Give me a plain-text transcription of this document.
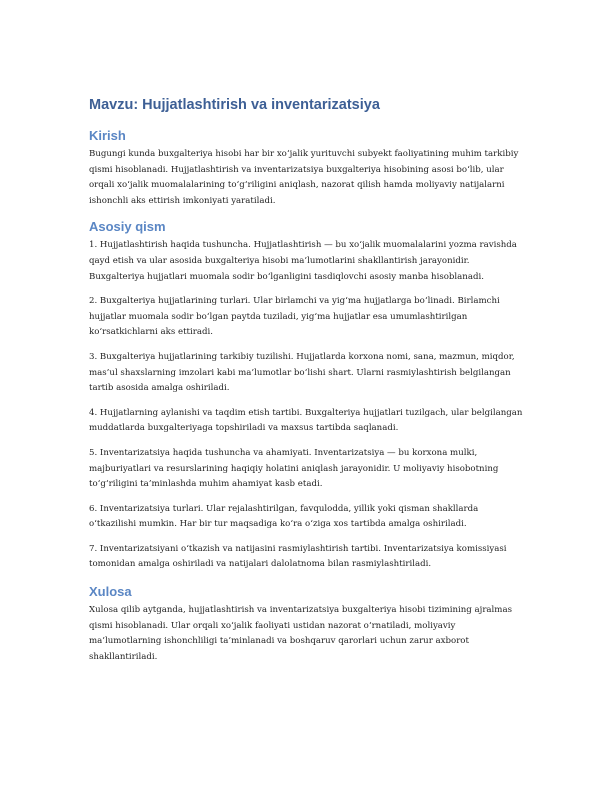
Mavzu: Hujjatlashtirish va inventarizatsiya
Kirish

Bugungi kunda buxgalteriya hisobi har bir xo‘jalik yurituvchi subyekt faoliyatining muhim tarkibiy qismi hisoblanadi. Hujjatlashtirish va inventarizatsiya buxgalteriya hisobining asosi bo‘lib, ular orqali xo‘jalik muomalalarining to‘g‘riligini aniqlash, nazorat qilish hamda moliyaviy natijalarni ishonchli aks ettirish imkoniyati yaratiladi.

Asosiy qism

1. Hujjatlashtirish haqida tushuncha. Hujjatlashtirish — bu xo‘jalik muomalalarini yozma ravishda qayd etish va ular asosida buxgalteriya hisobi ma’lumotlarini shakllantirish jarayonidir. Buxgalteriya hujjatlari muomala sodir bo‘lganligini tasdiqlovchi asosiy manba hisoblanadi.

2. Buxgalteriya hujjatlarining turlari. Ular birlamchi va yig‘ma hujjatlarga bo‘linadi. Birlamchi hujjatlar muomala sodir bo‘lgan paytda tuziladi, yig‘ma hujjatlar esa umumlashtirilgan ko‘rsatkichlarni aks ettiradi.

3. Buxgalteriya hujjatlarining tarkibiy tuzilishi. Hujjatlarda korxona nomi, sana, mazmun, miqdor, mas’ul shaxslarning imzolari kabi ma’lumotlar bo‘lishi shart. Ularni rasmiylashtirish belgilangan tartib asosida amalga oshiriladi.

4. Hujjatlarning aylanishi va taqdim etish tartibi. Buxgalteriya hujjatlari tuzilgach, ular belgilangan muddatlarda buxgalteriyaga topshiriladi va maxsus tartibda saqlanadi.

5. Inventarizatsiya haqida tushuncha va ahamiyati. Inventarizatsiya — bu korxona mulki, majburiyatlari va resurslarining haqiqiy holatini aniqlash jarayonidir. U moliyaviy hisobotning to‘g‘riligini ta’minlashda muhim ahamiyat kasb etadi.

6. Inventarizatsiya turlari. Ular rejalashtirilgan, favqulodda, yillik yoki qisman shakllarda o‘tkazilishi mumkin. Har bir tur maqsadiga ko‘ra o‘ziga xos tartibda amalga oshiriladi.

7. Inventarizatsiyani o‘tkazish va natijasini rasmiylashtirish tartibi. Inventarizatsiya komissiyasi tomonidan amalga oshiriladi va natijalari dalolatnoma bilan rasmiylashtiriladi.

Xulosa

Xulosa qilib aytganda, hujjatlashtirish va inventarizatsiya buxgalteriya hisobi tizimining ajralmas qismi hisoblanadi. Ular orqali xo‘jalik faoliyati ustidan nazorat o‘rnatiladi, moliyaviy ma’lumotlarning ishonchliligi ta’minlanadi va boshqaruv qarorlari uchun zarur axborot shakllantiriladi.
